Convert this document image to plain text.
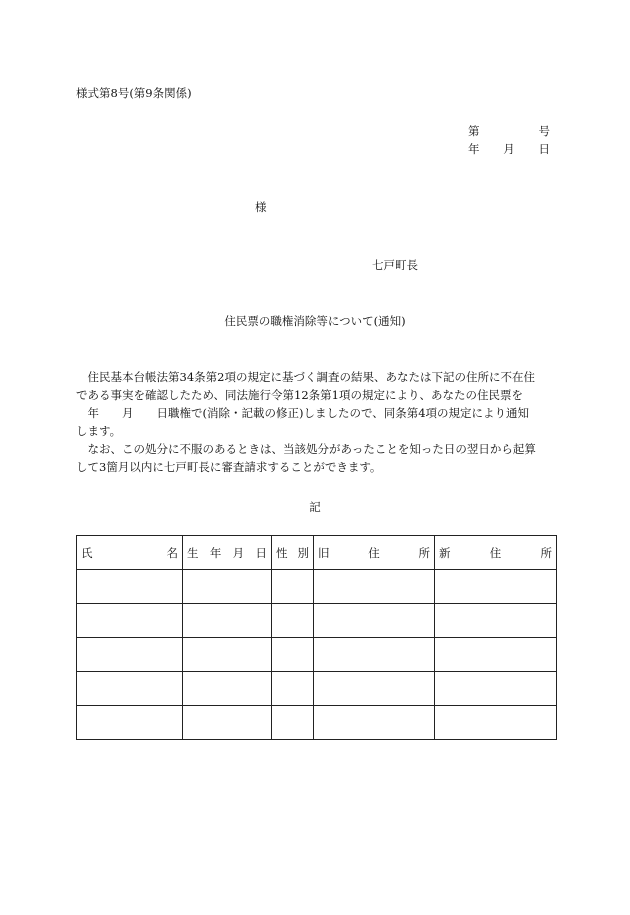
様式第8号(第9条関係)
第	号
年 月 日
様
七戸町長
住民票の職権消除等について(通知)
　住民基本台帳法第34条第2項の規定に基づく調査の結果、あなたは下記の住所に不在住
である事実を確認したため、同法施行令第12条第1項の規定により、あなたの住民票を
　年　　月　　日職権で(消除・記載の修正)しましたので、同条第4項の規定により通知
します。
　なお、この処分に不服のあるときは、当該処分があったことを知った日の翌日から起算
して3箇月以内に七戸町長に審査請求することができます。
記
氏 名	生 年 月 日	性 別	旧 住 所	新 住 所
